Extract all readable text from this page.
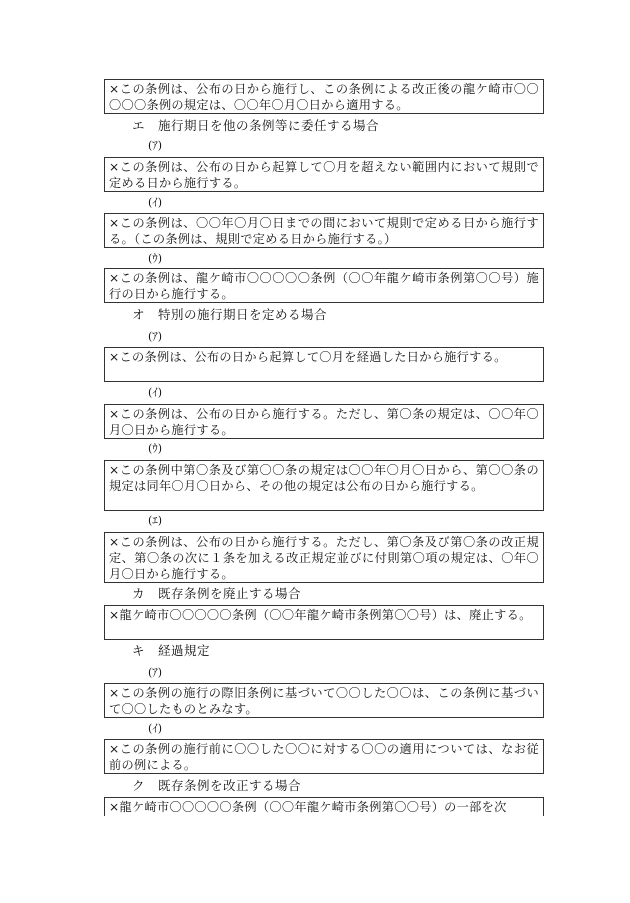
×この条例は、公布の日から施行し、この条例による改正後の龍ケ崎市〇〇〇〇〇条例の規定は、〇〇年〇月〇日から適用する。
エ　施行期日を他の条例等に委任する場合
(ｱ)
×この条例は、公布の日から起算して〇月を超えない範囲内において規則で定める日から施行する。
(ｲ)
×この条例は、〇〇年〇月〇日までの間において規則で定める日から施行する。（この条例は、規則で定める日から施行する。）
(ｳ)
×この条例は、龍ケ崎市〇〇〇〇〇条例（〇〇年龍ケ崎市条例第〇〇号）施行の日から施行する。
オ　特別の施行期日を定める場合
(ｱ)
×この条例は、公布の日から起算して〇月を経過した日から施行する。
(ｲ)
×この条例は、公布の日から施行する。ただし、第〇条の規定は、〇〇年〇月〇日から施行する。
(ｳ)
×この条例中第〇条及び第〇〇条の規定は〇〇年〇月〇日から、第〇〇条の規定は同年〇月〇日から、その他の規定は公布の日から施行する。
(ｴ)
×この条例は、公布の日から施行する。ただし、第〇条及び第〇条の改正規定、第〇条の次に１条を加える改正規定並びに付則第〇項の規定は、〇年〇月〇日から施行する。
カ　既存条例を廃止する場合
×龍ケ崎市〇〇〇〇〇条例（〇〇年龍ケ崎市条例第〇〇号）は、廃止する。
キ　経過規定
(ｱ)
×この条例の施行の際旧条例に基づいて〇〇した〇〇は、この条例に基づいて〇〇したものとみなす。
(ｲ)
×この条例の施行前に〇〇した〇〇に対する〇〇の適用については、なお従前の例による。
ク　既存条例を改正する場合
×龍ケ崎市〇〇〇〇〇条例（〇〇年龍ケ崎市条例第〇〇号）の一部を次
